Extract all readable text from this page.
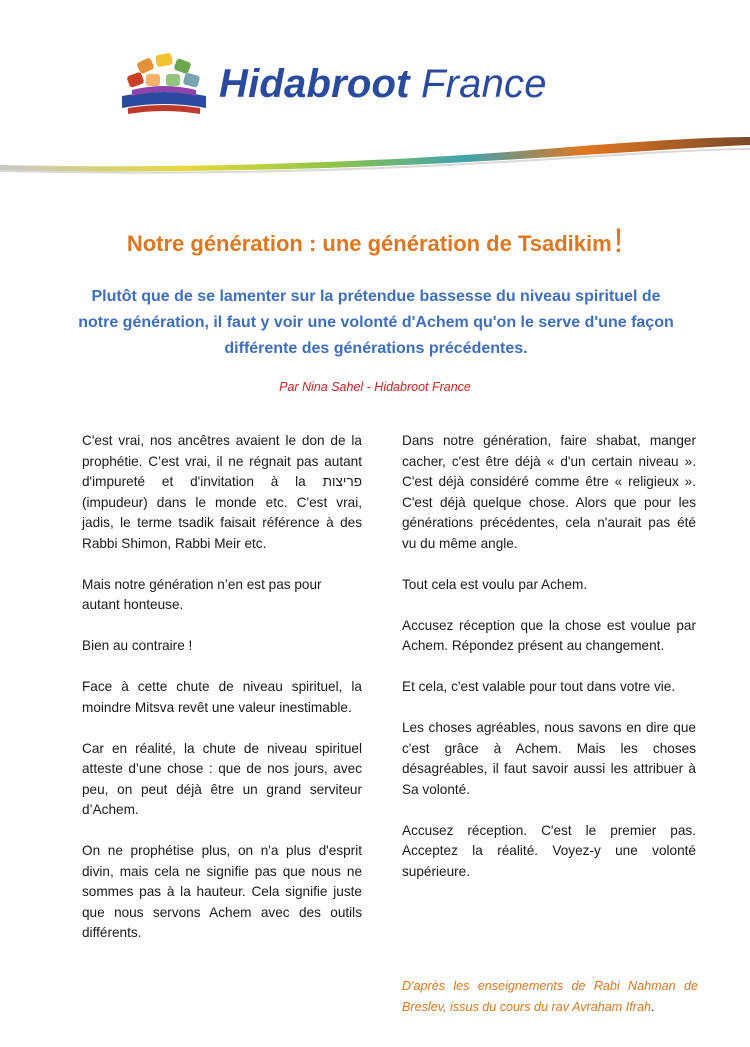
Hidabroot France
Notre génération : une génération de Tsadikim!
Plutôt que de se lamenter sur la prétendue bassesse du niveau spirituel de notre génération, il faut y voir une volonté d'Achem qu'on le serve d'une façon différente des générations précédentes.
Par Nina Sahel - Hidabroot France

C'est vrai, nos ancêtres avaient le don de la prophétie. C’est vrai, il ne régnait pas autant d'impureté et d'invitation à la פריצות (impudeur) dans le monde etc. C'est vrai, jadis, le terme tsadik faisait référence à des Rabbi Shimon, Rabbi Meir etc.

Mais notre génération n’en est pas pour autant honteuse.

Bien au contraire !

Face à cette chute de niveau spirituel, la moindre Mitsva revêt une valeur inestimable.

Car en réalité, la chute de niveau spirituel atteste d’une chose : que de nos jours, avec peu, on peut déjà être un grand serviteur d’Achem.

On ne prophétise plus, on n'a plus d'esprit divin, mais cela ne signifie pas que nous ne sommes pas à la hauteur. Cela signifie juste que nous servons Achem avec des outils différents.

Dans notre génération, faire shabat, manger cacher, c'est être déjà « d'un certain niveau ». C'est déjà considéré comme être « religieux ». C'est déjà quelque chose. Alors que pour les générations précédentes, cela n'aurait pas été vu du même angle.

Tout cela est voulu par Achem.

Accusez réception que la chose est voulue par Achem. Répondez présent au changement.

Et cela, c'est valable pour tout dans votre vie.

Les choses agréables, nous savons en dire que c'est grâce à Achem. Mais les choses désagréables, il faut savoir aussi les attribuer à Sa volonté.

Accusez réception. C'est le premier pas. Acceptez la réalité. Voyez-y une volonté supérieure.

D'après les enseignements de Rabi Nahman de Breslev, issus du cours du rav Avraham Ifrah.
